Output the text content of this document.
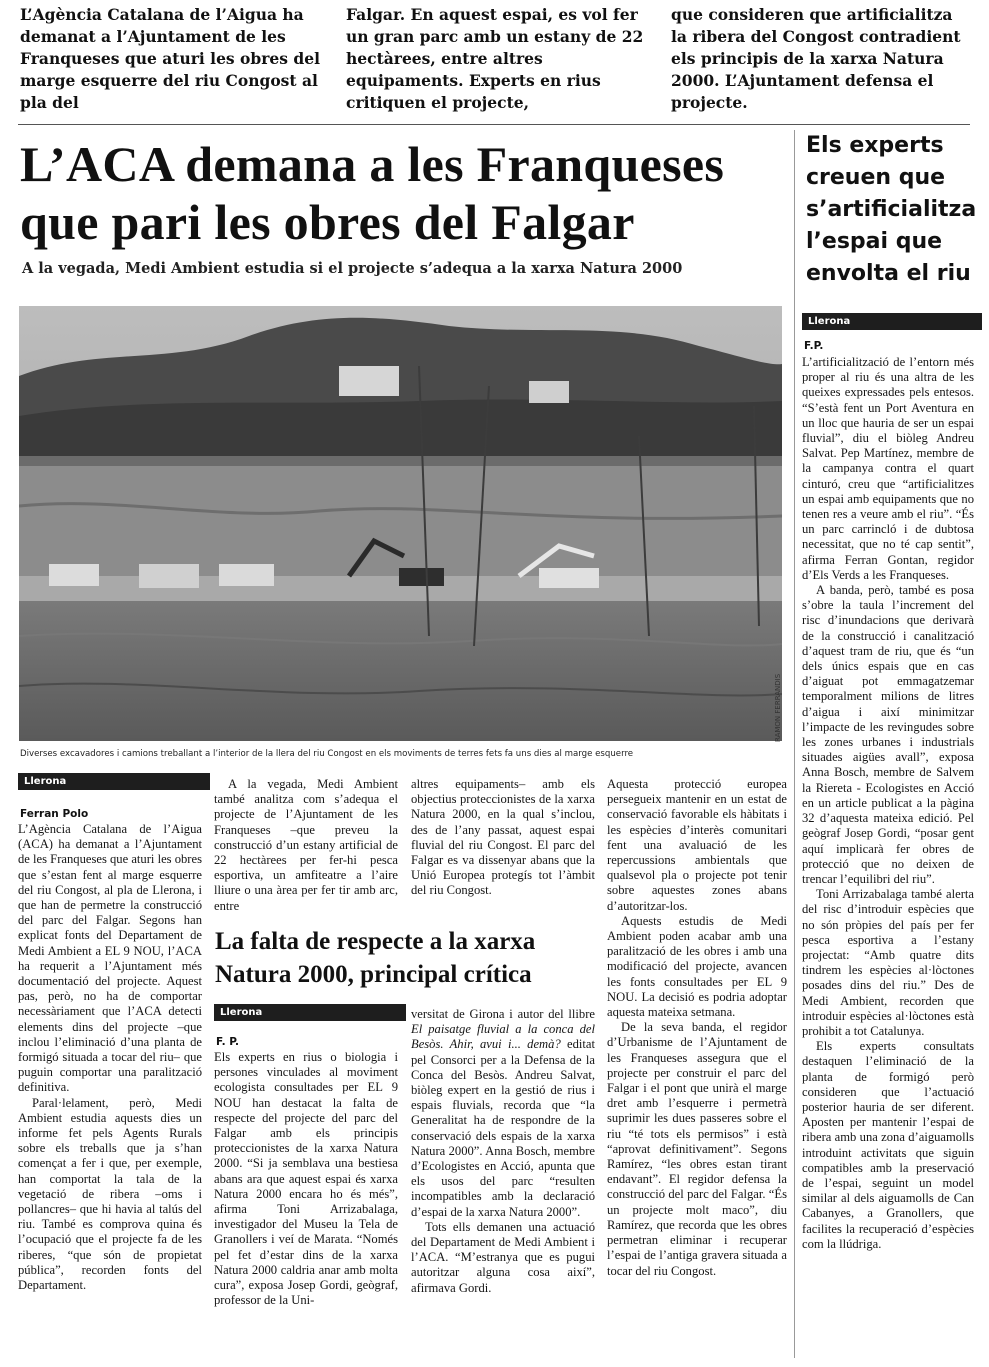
L’Agència Catalana de l’Aigua ha demanat a l’Ajuntament de les Franqueses que aturi les obres del marge esquerre del riu Congost al pla del
Falgar. En aquest espai, es vol fer un gran parc amb un estany de 22 hectàrees, entre altres equipaments. Experts en rius critiquen el projecte,
que consideren que artificialitza la ribera del Congost contradient els principis de la xarxa Natura 2000. L’Ajuntament defensa el projecte.
L’ACA demana a les Franqueses
que pari les obres del Falgar
A la vegada, Medi Ambient estudia si el projecte s’adequa a la xarxa Natura 2000
Els experts creuen que s’artificialitza l’espai que envolta el riu
Llerona
F.P.

L’artificialització de l’entorn més proper al riu és una altra de les queixes expressades pels entesos. “S’està fent un Port Aventura en un lloc que hauria de ser un espai fluvial”, diu el biòleg Andreu Salvat. Pep Martínez, membre de la campanya contra el quart cinturó, creu que “artificialitzes un espai amb equipaments que no tenen res a veure amb el riu”. “És un parc carrincló i de dubtosa necessitat, que no té cap sentit”, afirma Ferran Gontan, regidor d’Els Verds a les Franqueses.

A banda, però, també es posa s’obre la taula l’increment del risc d’inundacions que derivarà de la construcció i canalització d’aquest tram de riu, que és “un dels únics espais que en cas d’aiguat pot emmagatzemar temporalment milions de litres d’aigua i així minimitzar l’impacte de les revingudes sobre les zones urbanes i industrials situades aigües avall”, exposa Anna Bosch, membre de Salvem la Riereta - Ecologistes en Acció en un article publicat a la pàgina 32 d’aquesta mateixa edició. Pel geògraf Josep Gordi, “posar gent aquí implicarà fer obres de protecció que no deixen de trencar l’equilibri del riu”.

Toni Arrizabalaga també alerta del risc d’introduir espècies que no són pròpies del país per fer pesca esportiva a l’estany projectat: “Amb quatre dits tindrem les espècies al·lòctones posades dins del riu.” Des de Medi Ambient, recorden que introduir espècies al·lòctones està prohibit a tot Catalunya.

Els experts consultats destaquen l’eliminació de la planta de formigó però consideren que l’actuació posterior hauria de ser diferent. Aposten per mantenir l’espai de ribera amb una zona d’aiguamolls introduint activitats que siguin compatibles amb la preservació de l’espai, seguint un model similar al dels aiguamolls de Can Cabanyes, a Granollers, que facilites la recuperació d’espècies com la llúdriga.

RAMON FERRANDIS
Diverses excavadores i camions treballant a l’interior de la llera del riu Congost en els moviments de terres fets fa uns dies al marge esquerre
Llerona
Ferran Polo

L’Agència Catalana de l’Aigua (ACA) ha demanat a l’Ajuntament de les Franqueses que aturi les obres que s’estan fent al marge esquerre del riu Congost, al pla de Llerona, i que han de permetre la construcció del parc del Falgar. Segons han explicat fonts del Departament de Medi Ambient a EL 9 NOU, l’ACA ha requerit a l’Ajuntament més documentació del projecte. Aquest pas, però, no ha de comportar necessàriament que l’ACA detecti elements dins del projecte –que inclou l’eliminació d’una planta de formigó situada a tocar del riu– que puguin comportar una paralització definitiva.

Paral·lelament, però, Medi Ambient estudia aquests dies un informe fet pels Agents Rurals sobre els treballs que ja s’han començat a fer i que, per exemple, han comportat la tala de la vegetació de ribera –oms i pollancres– que hi havia al talús del riu. També es comprova quina és l’ocupació que el projecte fa de les riberes, “que són de propietat pública”, recorden fonts del Departament.

A la vegada, Medi Ambient també analitza com s’adequa el projecte de l’Ajuntament de les Franqueses –que preveu la construcció d’un estany artificial de 22 hectàrees per fer-hi pesca esportiva, un amfiteatre a l’aire lliure o una àrea per fer tir amb arc, entre

altres equipaments– amb els objectius proteccionistes de la xarxa Natura 2000, en la qual s’inclou, des de l’any passat, aquest espai fluvial del riu Congost. El parc del Falgar es va dissenyar abans que la Unió Europea protegís tot l’àmbit del riu Congost.

Aquesta protecció europea persegueix mantenir en un estat de conservació favorable els hàbitats i les espècies d’interès comunitari fent una avaluació de les repercussions ambientals que qualsevol pla o projecte pot tenir sobre aquestes zones abans d’autoritzar-los.

Aquests estudis de Medi Ambient poden acabar amb una paralització de les obres i amb una modificació del projecte, avancen les fonts consultades per EL 9 NOU. La decisió es podria adoptar aquesta mateixa setmana.

De la seva banda, el regidor d’Urbanisme de l’Ajuntament de les Franqueses assegura que el projecte per construir el parc del Falgar i el pont que unirà el marge dret amb l’esquerre i permetrà suprimir les dues passeres sobre el riu “té tots els permisos” i està “aprovat definitivament”. Segons Ramírez, “les obres estan tirant endavant”. El regidor defensa la construcció del parc del Falgar. “És un projecte molt maco”, diu Ramírez, que recorda que les obres permetran eliminar i recuperar l’espai de l’antiga gravera situada a tocar del riu Congost.

La falta de respecte a la xarxa Natura 2000, principal crítica
Llerona
F. P.

Els experts en rius o biologia i persones vinculades al moviment ecologista consultades per EL 9 NOU han destacat la falta de respecte del projecte del parc del Falgar amb els principis proteccionistes de la xarxa Natura 2000. “Si ja semblava una bestiesa abans ara que aquest espai és xarxa Natura 2000 encara ho és més”, afirma Toni Arrizabalaga, investigador del Museu la Tela de Granollers i veí de Marata. “Només pel fet d’estar dins de la xarxa Natura 2000 caldria anar amb molta cura”, exposa Josep Gordi, geògraf, professor de la Uni-

versitat de Girona i autor del llibre El paisatge fluvial a la conca del Besòs. Ahir, avui i... demà? editat pel Consorci per a la Defensa de la Conca del Besòs. Andreu Salvat, biòleg expert en la gestió de rius i espais fluvials, recorda que “la Generalitat ha de respondre de la conservació dels espais de la xarxa Natura 2000”. Anna Bosch, membre d’Ecologistes en Acció, apunta que els usos del parc “resulten incompatibles amb la declaració d’espai de la xarxa Natura 2000”.

Tots ells demanen una actuació del Departament de Medi Ambient i l’ACA. “M’estranya que es pugui autoritzar alguna cosa així”, afirmava Gordi.
